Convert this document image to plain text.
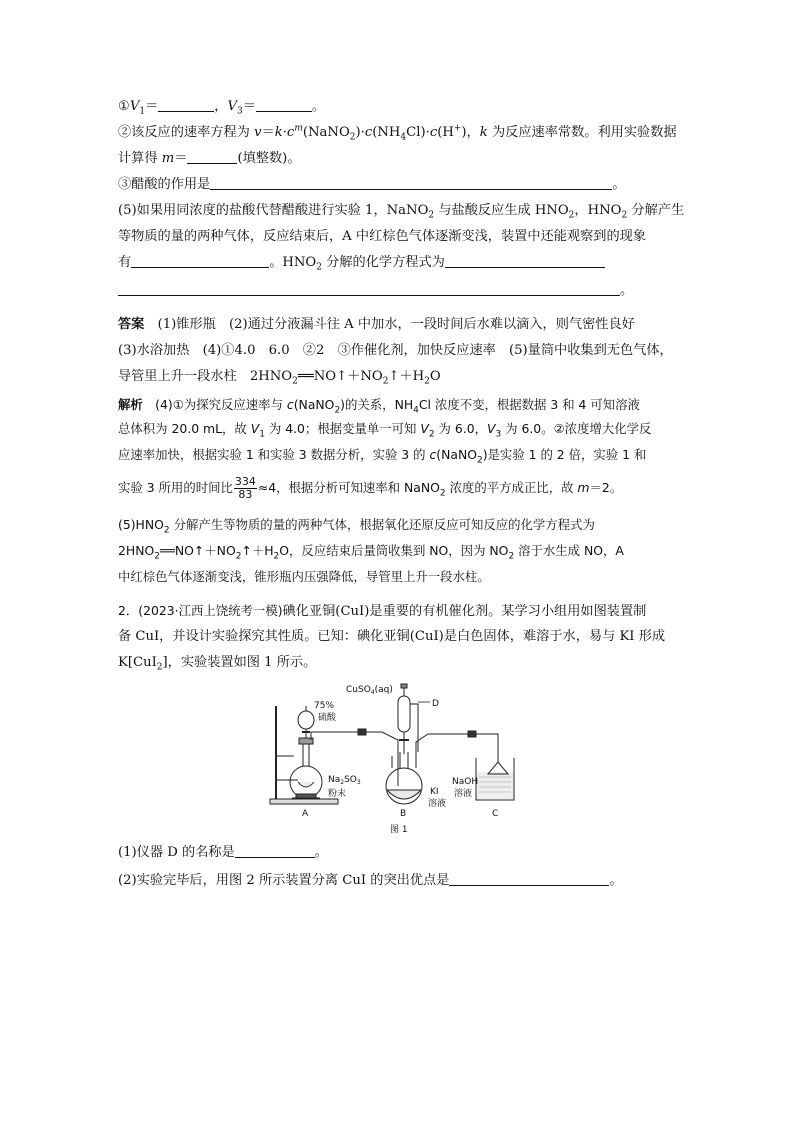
$①V_1=$	，$V_3=$	。
②该反应的速率方程为 $v=k\cdot c^m(NaNO_2)\cdot c(NH_4Cl)\cdot c(H^+)$，k 为反应速率常数。利用实验数据
计算得 m＝	(填整数)。
③醋酸的作用是	。
(5)如果用同浓度的盐酸代替醋酸进行实验 1，NaNO$_2$ 与盐酸反应生成 $HNO_2$，$HNO_2$ 分解产生
等物质的量的两种气体，反应结束后，A 中红棕色气体逐渐变浅，装置中还能观察到的现象
有	。$HNO_2$ 分解的化学方程式为
。
答案　 (1)锥形瓶　(2)通过分液漏斗往 A 中加水，一段时间后水难以滴入，则气密性良好
(3)水浴加热　(4)①4.0　6.0　②2　③作催化剂，加快反应速率　(5)量筒中收集到无色气体，
导管里上升一段水柱　$2HNO_2══NO↑+NO_2↑+H_2O$
解析　 (4)①为探究反应速率与 c(NaNO$_2$)的关系，$NH_4Cl$ 浓度不变，根据数据 3 和 4 可知溶液
总体积为 20.0 mL，故 $V_1$ 为 4.0；根据变量单一可知 $V_2$ 为 6.0，$V_3$ 为 6.0。②浓度增大化学反
应速率加快，根据实验 1 和实验 3 数据分析，实验 3 的 c(NaNO$_2$)是实验 1 的 2 倍，实验 1 和
实验 3 所用的时间比 $\frac{334}{83} \approx 4$，根据分析可知速率和 NaNO$_2$ 浓度的平方成正比，故 m＝2。
$(5)HNO_2$ 分解产生等物质的量的两种气体，根据氧化还原反应可知反应的化学方程式为
$2HNO_2══NO↑+NO_2↑+H_2O$，反应结束后量筒收集到 NO，因为 $NO_2$ 溶于水生成 NO，A
中红棕色气体逐渐变浅，锥形瓶内压强降低，导管里上升一段水柱。
2．(2023·江西上饶统考一模)碘化亚铜(CuI)是重要的有机催化剂。某学习小组用如图装置制
备 CuI，并设计实验探究其性质。已知：碘化亚铜(CuI)是白色固体，难溶于水，易与 KI 形成
K[CuI$_2$]，实验装置如图 1 所示。
75%
硫酸
CuSO$_4$(aq)
D
$Na_2SO_3$
粉末	KI
溶液
NaOH
溶液
A	B	C
图 1
(1)仪器 D 的名称是	。
(2)实验完毕后，用图 2 所示装置分离 CuI 的突出优点是	。
